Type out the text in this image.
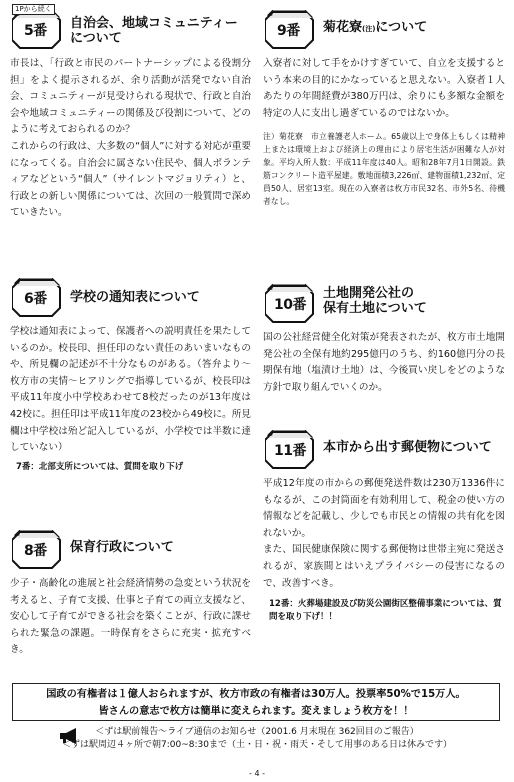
5番
1Pから続く
自治会、地域コミュニティー
について
市長は、「行政と市民のパートナーシップによる役割分担」をよく提示されるが、余り活動が活発でない自治会、コミュニティーが見受けられる現状で、行政と自治会や地域コミュニティーの関係及び役割について、どのように考えておられるのか？
これからの行政は、大多数の“個人”に対する対応が重要になってくる。自治会に属さない住民や、個人ボランティアなどという“個人”（サイレントマジョリティ）と、行政との新しい関係については、次回の一般質問で深めていきたい。
6番 学校の通知表について
学校は通知表によって、保護者への説明責任を果たしているのか。校長印、担任印のない責任のあいまいなものや、所見欄の記述が不十分なものがある。（答弁より～枚方市の実情～ヒアリングで指導しているが、校長印は平成11年度小中学校あわせて8校だったのが13年度は42校に。担任印は平成11年度の23校から49校に。所見欄は中学校は殆ど記入しているが、小学校では半数に達していない）
7番：北部支所については、質問を取り下げ
8番 保育行政について
少子・高齢化の進展と社会経済情勢の急変という状況を考えると、子育て支援、仕事と子育ての両立支援など、安心して子育てができる社会を築くことが、行政に課せられた緊急の課題。一時保育をさらに充実・拡充すべき。
9番 菊花寮(注)について
入寮者に対して手をかけすぎていて、自立を支援するという本来の目的にかなっていると思えない。入寮者１人あたりの年間経費が380万円は、余りにも多額な金額を特定の人に支出し過ぎているのではないか。
注）菊花寮　市立養護老人ホーム。65歳以上で身体上もしくは精神上または環境上および経済上の理由により居宅生活が困難な人が対象。平均入所人数：平成11年度は40人。昭和28年7月1日開設。鉄筋コンクリート造平屋建。敷地面積3,226㎡、建物面積1,232㎡、定員50人、居室13室。現在の入寮者は枚方市民32名、市外5名、待機者なし。
10番
土地開発公社の
保有土地について
国の公社経営健全化対策が発表されたが、枚方市土地開発公社の全保有地約295億円のうち、約160億円分の長期保有地（塩漬け土地）は、今後買い戻しをどのような方針で取り組んでいくのか。
11番 本市から出す郵便物について
平成12年度の市からの郵便発送件数は230万1336件にもなるが、この封筒面を有効利用して、税金の使い方の情報などを記載し、少しでも市民との情報の共有化を図れないか。
また、国民健康保険に関する郵便物は世帯主宛に発送されるが、家族間とはいえプライバシーの侵害になるので、改善すべき。
12番：火葬場建設及び防災公園街区整備事業については、質問を取り下げ！！
国政の有権者は１億人おられますが、枚方市政の有権者は30万人。投票率50%で15万人。
皆さんの意志で枚方は簡単に変えられます。変えましょう枚方を！！
＜ずは駅前報告～ライブ通信のお知らせ（2001.6 月末現在 362回目のご報告）
＜ずは駅周辺４ヶ所で朝7:00~8:30まで（土・日・祝・雨天・そして用事のある日は休みです）
- 4 -
